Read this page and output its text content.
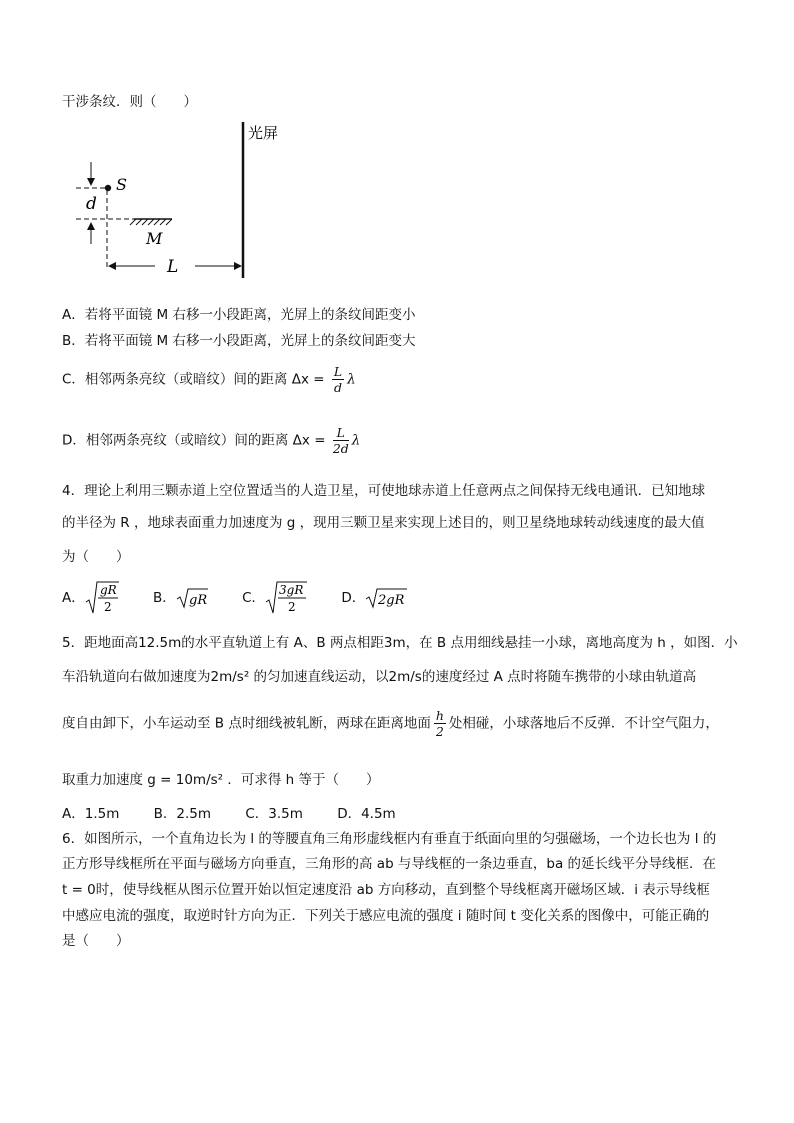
干涉条纹．则（　　）
光屏
S
d
M
L
A．若将平面镜 M 右移一小段距离，光屏上的条纹间距变小
B．若将平面镜 M 右移一小段距离，光屏上的条纹间距变大
C．相邻两条亮纹（或暗纹）间的距离 $\Delta x = \frac{L}{d}$ λ
D．相邻两条亮纹（或暗纹）间的距离 $\Delta x = \frac{L}{2d}$ λ
4．理论上利用三颗赤道上空位置适当的人造卫星，可使地球赤道上任意两点之间保持无线电通讯．已知地球
的半径为 R ，地球表面重力加速度为 g ，现用三颗卫星来实现上述目的，则卫星绕地球转动线速度的最大值
为（　　）
A． gR
2
B． gR	C． 3gR
2
D． 2gR
5．距地面高12.5m的水平直轨道上有 A、B 两点相距3m，在 B 点用细线悬挂一小球，离地高度为 h ，如图．小
车沿轨道向右做加速度为2m/s² 的匀加速直线运动，以2m/s的速度经过 A 点时将随车携带的小球由轨道高
度自由卸下，小车运动至 B 点时细线被轧断，两球在距离地面 $\frac{h}{2}$ 处相碰，小球落地后不反弹．不计空气阻力，
取重力加速度 g = 10m/s² ．可求得 h 等于（　　）
A．1.5m	B．2.5m	C．3.5m	D．4.5m
6．如图所示，一个直角边长为 l 的等腰直角三角形虚线框内有垂直于纸面向里的匀强磁场，一个边长也为 l 的
正方形导线框所在平面与磁场方向垂直，三角形的高 ab 与导线框的一条边垂直，ba 的延长线平分导线框．在
t = 0时，使导线框从图示位置开始以恒定速度沿 ab 方向移动，直到整个导线框离开磁场区域．i 表示导线框
中感应电流的强度，取逆时针方向为正．下列关于感应电流的强度 i 随时间 t 变化关系的图像中，可能正确的
是（　　）
